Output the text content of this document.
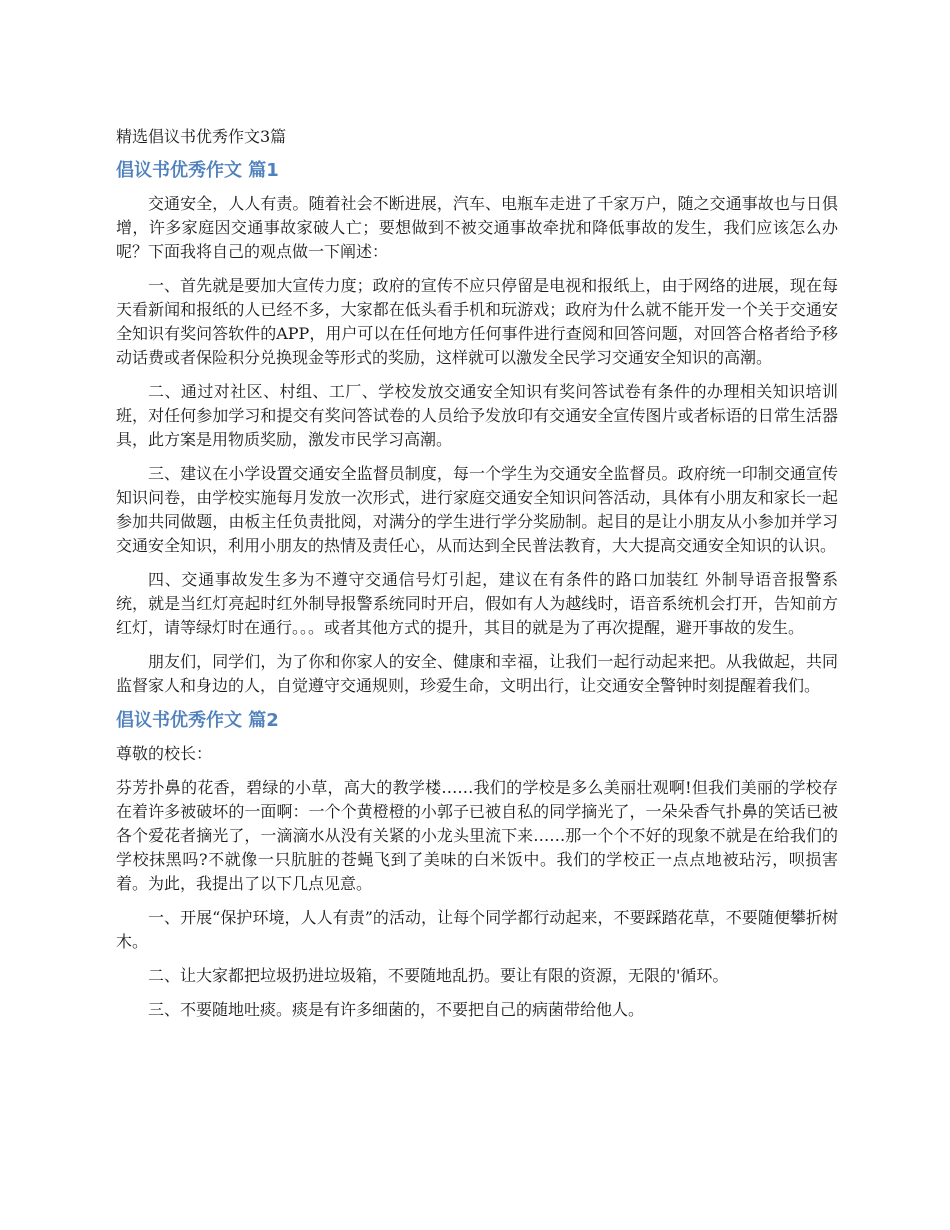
精选倡议书优秀作文3篇
倡议书优秀作文 篇1

交通安全，人人有责。随着社会不断进展，汽车、电瓶车走进了千家万户，随之交通事故也与日俱增，许多家庭因交通事故家破人亡；要想做到不被交通事故牵扰和降低事故的发生，我们应该怎么办呢？下面我将自己的观点做一下阐述：

一、首先就是要加大宣传力度；政府的宣传不应只停留是电视和报纸上，由于网络的进展，现在每天看新闻和报纸的人已经不多，大家都在低头看手机和玩游戏；政府为什么就不能开发一个关于交通安全知识有奖问答软件的APP，用户可以在任何地方任何事件进行查阅和回答问题，对回答合格者给予移动话费或者保险积分兑换现金等形式的奖励，这样就可以激发全民学习交通安全知识的高潮。

二、通过对社区、村组、工厂、学校发放交通安全知识有奖问答试卷有条件的办理相关知识培训班，对任何参加学习和提交有奖问答试卷的人员给予发放印有交通安全宣传图片或者标语的日常生活器具，此方案是用物质奖励，激发市民学习高潮。

三、建议在小学设置交通安全监督员制度，每一个学生为交通安全监督员。政府统一印制交通宣传知识问卷，由学校实施每月发放一次形式，进行家庭交通安全知识问答活动，具体有小朋友和家长一起参加共同做题，由板主任负责批阅，对满分的学生进行学分奖励制。起目的是让小朋友从小参加并学习交通安全知识，利用小朋友的热情及责任心，从而达到全民普法教育，大大提高交通安全知识的认识。

四、交通事故发生多为不遵守交通信号灯引起，建议在有条件的路口加装红 外制导语音报警系统，就是当红灯亮起时红外制导报警系统同时开启，假如有人为越线时，语音系统机会打开，告知前方红灯，请等绿灯时在通行。。。或者其他方式的提升，其目的就是为了再次提醒，避开事故的发生。

朋友们，同学们，为了你和你家人的安全、健康和幸福，让我们一起行动起来把。从我做起，共同监督家人和身边的人，自觉遵守交通规则，珍爱生命，文明出行，让交通安全警钟时刻提醒着我们。

倡议书优秀作文 篇2

尊敬的校长：

芬芳扑鼻的花香，碧绿的小草，高大的教学楼……我们的学校是多么美丽壮观啊!但我们美丽的学校存在着许多被破坏的一面啊：一个个黄橙橙的小郭子已被自私的同学摘光了，一朵朵香气扑鼻的笑话已被各个爱花者摘光了，一滴滴水从没有关紧的小龙头里流下来……那一个个不好的现象不就是在给我们的学校抹黑吗?不就像一只肮脏的苍蝇飞到了美味的白米饭中。我们的学校正一点点地被玷污，呗损害着。为此，我提出了以下几点见意。

一、开展“保护环境，人人有责”的活动，让每个同学都行动起来，不要踩踏花草，不要随便攀折树木。

二、让大家都把垃圾扔进垃圾箱，不要随地乱扔。要让有限的资源，无限的'循环。

三、不要随地吐痰。痰是有许多细菌的，不要把自己的病菌带给他人。
